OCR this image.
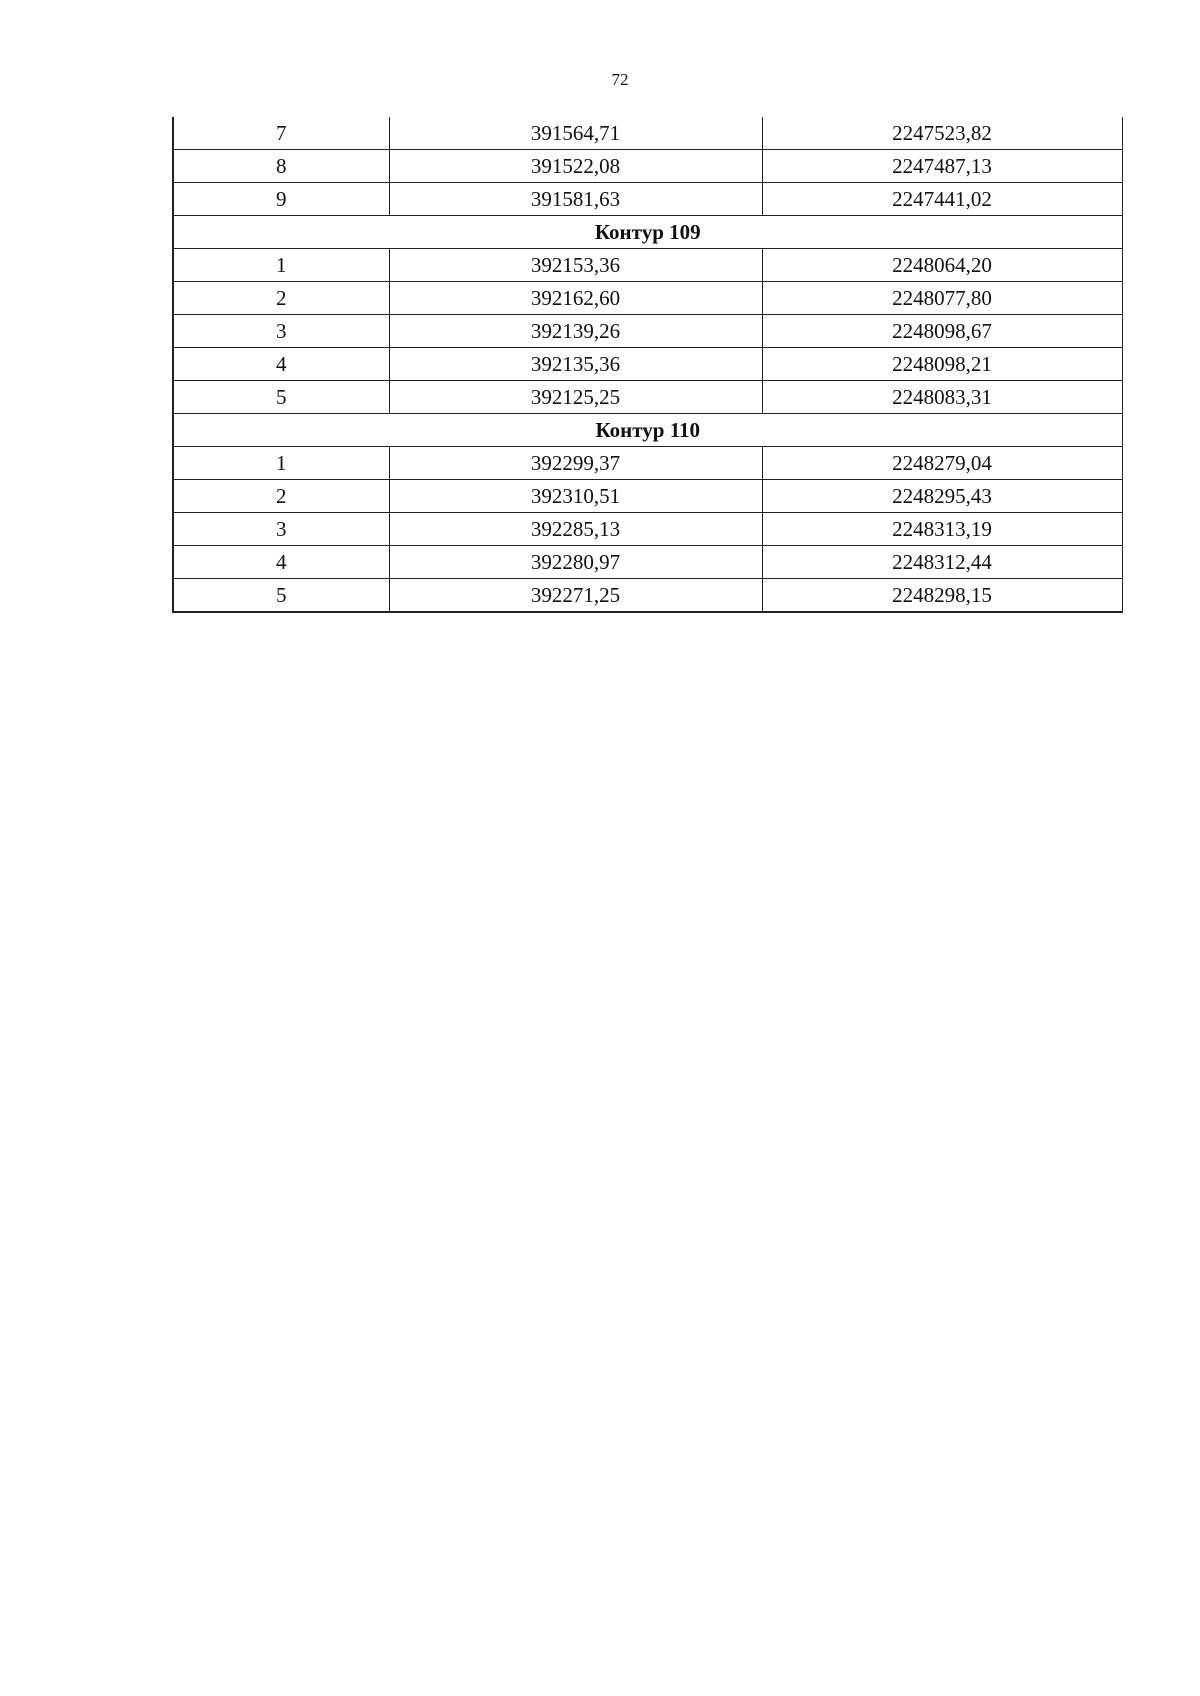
72
7	391564,71	2247523,82
8	391522,08	2247487,13
9	391581,63	2247441,02
Контур 109		
1	392153,36	2248064,20
2	392162,60	2248077,80
3	392139,26	2248098,67
4	392135,36	2248098,21
5	392125,25	2248083,31
Контур 110		
1	392299,37	2248279,04
2	392310,51	2248295,43
3	392285,13	2248313,19
4	392280,97	2248312,44
5	392271,25	2248298,15
